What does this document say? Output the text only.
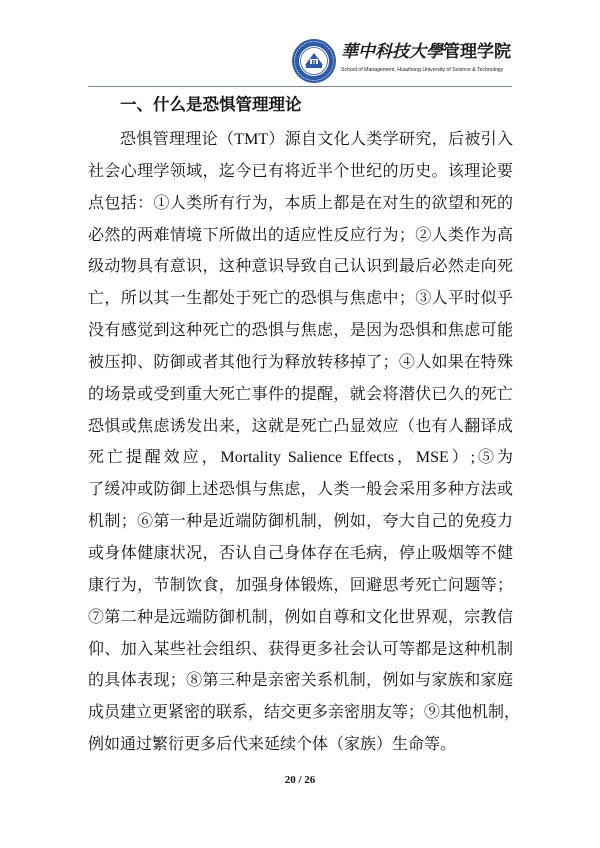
華中科技大學管理学院
School of Management, Huazhong University of Science & Technology
一、什么是恐惧管理理论
恐惧管理理论（TMT）源自文化人类学研究，后被引入
社会心理学领域，迄今已有将近半个世纪的历史。该理论要
点包括：①人类所有行为，本质上都是在对生的欲望和死的
必然的两难情境下所做出的适应性反应行为；②人类作为高
级动物具有意识，这种意识导致自己认识到最后必然走向死
亡，所以其一生都处于死亡的恐惧与焦虑中；③人平时似乎
没有感觉到这种死亡的恐惧与焦虑，是因为恐惧和焦虑可能
被压抑、防御或者其他行为释放转移掉了；④人如果在特殊
的场景或受到重大死亡事件的提醒，就会将潜伏已久的死亡
恐惧或焦虑诱发出来，这就是死亡凸显效应（也有人翻译成
死亡提醒效应，Mortality Salience Effects，MSE）;⑤为
了缓冲或防御上述恐惧与焦虑，人类一般会采用多种方法或
机制；⑥第一种是近端防御机制，例如，夸大自己的免疫力
或身体健康状况，否认自己身体存在毛病，停止吸烟等不健
康行为，节制饮食，加强身体锻炼，回避思考死亡问题等；
⑦第二种是远端防御机制，例如自尊和文化世界观，宗教信
仰、加入某些社会组织、获得更多社会认可等都是这种机制
的具体表现；⑧第三种是亲密关系机制，例如与家族和家庭
成员建立更紧密的联系，结交更多亲密朋友等；⑨其他机制，
例如通过繁衍更多后代来延续个体（家族）生命等。
20 / 26
